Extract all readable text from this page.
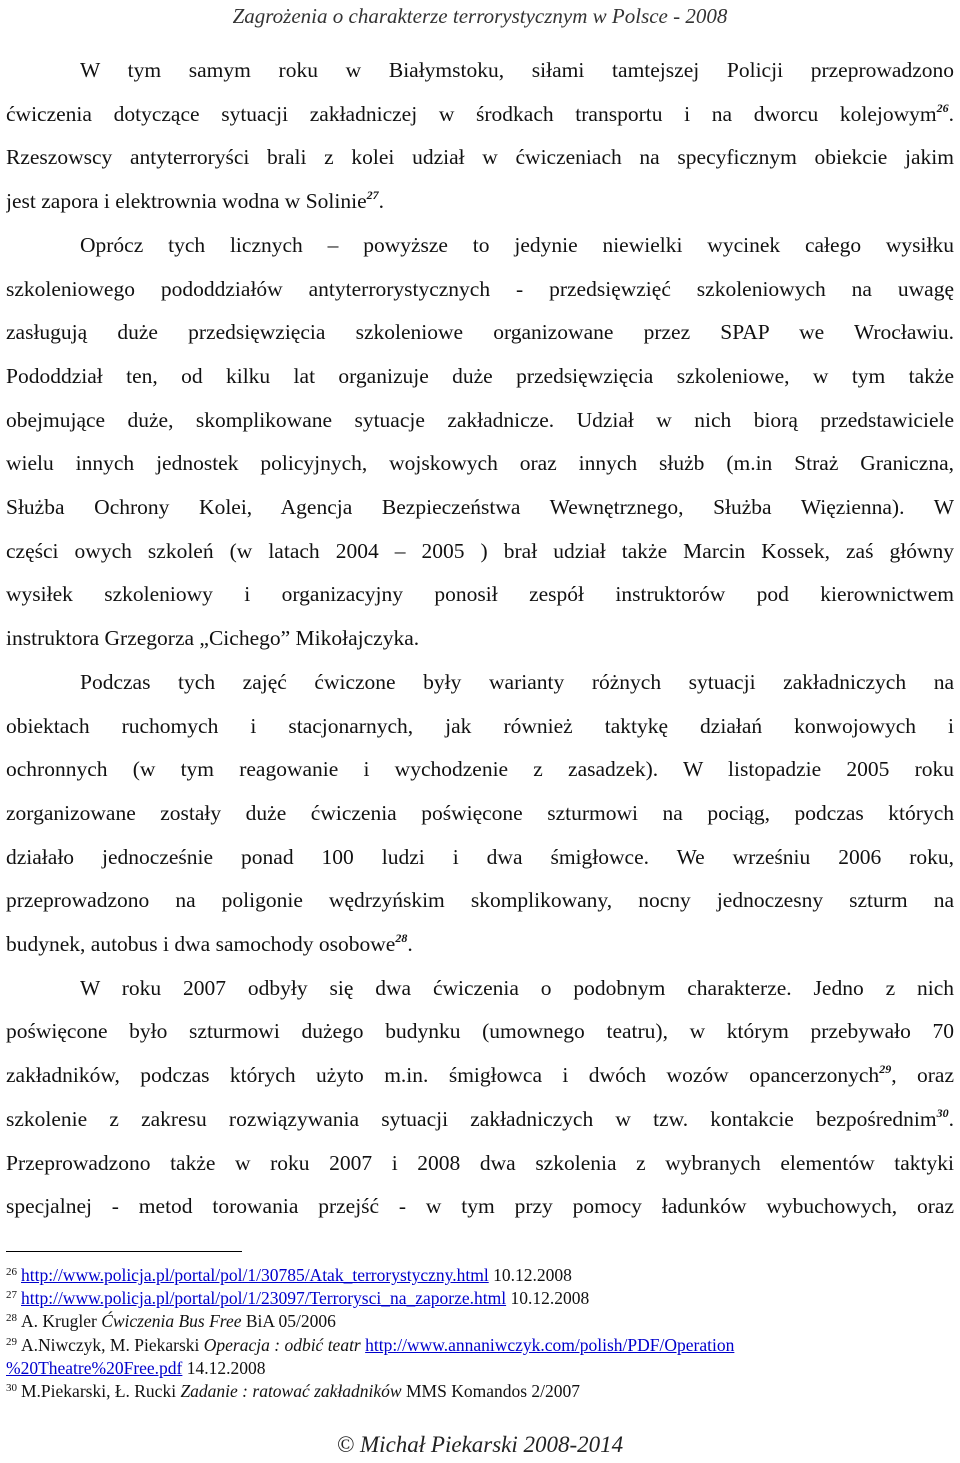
Zagrożenia o charakterze terrorystycznym w Polsce - 2008
W tym samym roku w Białymstoku, siłami tamtejszej Policji przeprowadzono
ćwiczenia dotyczące sytuacji zakładniczej w środkach transportu i na dworcu kolejowym$^{26}$.
Rzeszowscy antyterroryści brali z kolei udział w ćwiczeniach na specyficznym obiekcie jakim
jest zapora i elektrownia wodna w Solinie$^{27}$.
Oprócz tych licznych – powyższe to jedynie niewielki wycinek całego wysiłku
szkoleniowego pododdziałów antyterrorystycznych - przedsięwzięć szkoleniowych na uwagę
zasługują duże przedsięwzięcia szkoleniowe organizowane przez SPAP we Wrocławiu.
Pododdział ten, od kilku lat organizuje duże przedsięwzięcia szkoleniowe, w tym także
obejmujące duże, skomplikowane sytuacje zakładnicze. Udział w nich biorą przedstawiciele
wielu innych jednostek policyjnych, wojskowych oraz innych służb (m.in Straż Graniczna,
Służba Ochrony Kolei, Agencja Bezpieczeństwa Wewnętrznego, Służba Więzienna). W
części owych szkoleń (w latach 2004 – 2005 ) brał udział także Marcin Kossek, zaś główny
wysiłek szkoleniowy i organizacyjny ponosił zespół instruktorów pod kierownictwem
instruktora Grzegorza „Cichego” Mikołajczyka.
Podczas tych zajęć ćwiczone były warianty różnych sytuacji zakładniczych na
obiektach ruchomych i stacjonarnych, jak również taktykę działań konwojowych i
ochronnych (w tym reagowanie i wychodzenie z zasadzek). W listopadzie 2005 roku
zorganizowane zostały duże ćwiczenia poświęcone szturmowi na pociąg, podczas których
działało jednocześnie ponad 100 ludzi i dwa śmigłowce. We wrześniu 2006 roku,
przeprowadzono na poligonie wędrzyńskim skomplikowany, nocny jednoczesny szturm na
budynek, autobus i dwa samochody osobowe$^{28}$.
W roku 2007 odbyły się dwa ćwiczenia o podobnym charakterze. Jedno z nich
poświęcone było szturmowi dużego budynku (umownego teatru), w którym przebywało 70
zakładników, podczas których użyto m.in. śmigłowca i dwóch wozów opancerzonych$^{29}$, oraz
szkolenie z zakresu rozwiązywania sytuacji zakładniczych w tzw. kontakcie bezpośrednim$^{30}$.
Przeprowadzono także w roku 2007 i 2008 dwa szkolenia z wybranych elementów taktyki
specjalnej - metod torowania przejść - w tym przy pomocy ładunków wybuchowych, oraz
$^{26}$ http://www.policja.pl/portal/pol/1/30785/Atak_terrorystyczny.html 10.12.2008
$^{27}$ http://www.policja.pl/portal/pol/1/23097/Terrorysci_na_zaporze.html 10.12.2008
$^{28}$ A. Krugler Ćwiczenia Bus Free BiA 05/2006
$^{29}$ A.Niwczyk, M. Piekarski Operacja : odbić teatr http://www.annaniwczyk.com/polish/PDF/Operation
%20Theatre%20Free.pdf 14.12.2008
$^{30}$ M.Piekarski, Ł. Rucki Zadanie : ratować zakładników MMS Komandos 2/2007
© Michał Piekarski 2008-2014
